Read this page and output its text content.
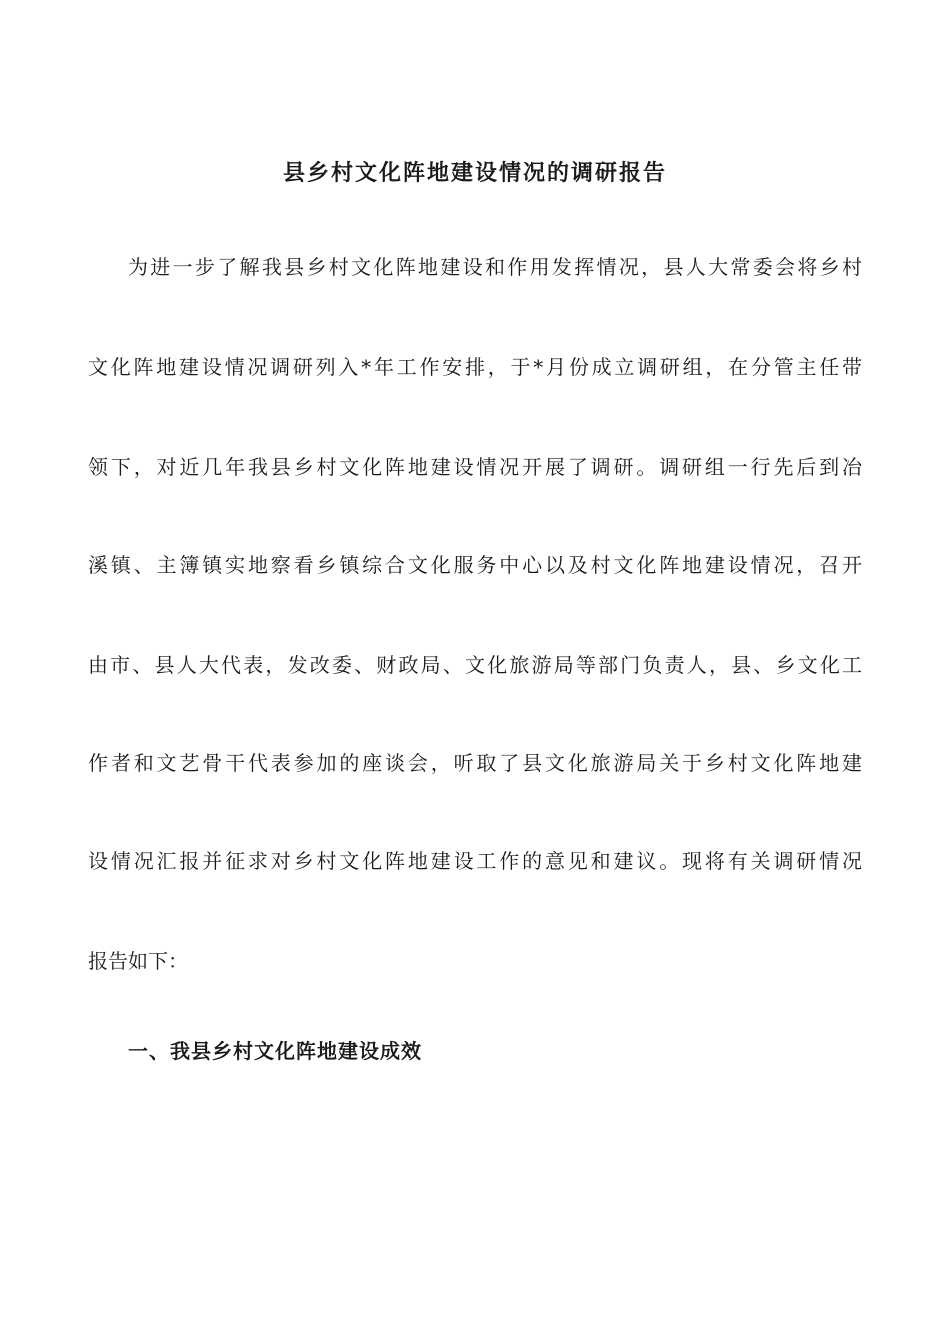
县乡村文化阵地建设情况的调研报告
为进一步了解我县乡村文化阵地建设和作用发挥情况，县人大常委会将乡村
文化阵地建设情况调研列入*年工作安排，于*月份成立调研组，在分管主任带
领下，对近几年我县乡村文化阵地建设情况开展了调研。调研组一行先后到冶
溪镇、主簿镇实地察看乡镇综合文化服务中心以及村文化阵地建设情况，召开
由市、县人大代表，发改委、财政局、文化旅游局等部门负责人，县、乡文化工
作者和文艺骨干代表参加的座谈会，听取了县文化旅游局关于乡村文化阵地建
设情况汇报并征求对乡村文化阵地建设工作的意见和建议。现将有关调研情况
报告如下：
一、我县乡村文化阵地建设成效
